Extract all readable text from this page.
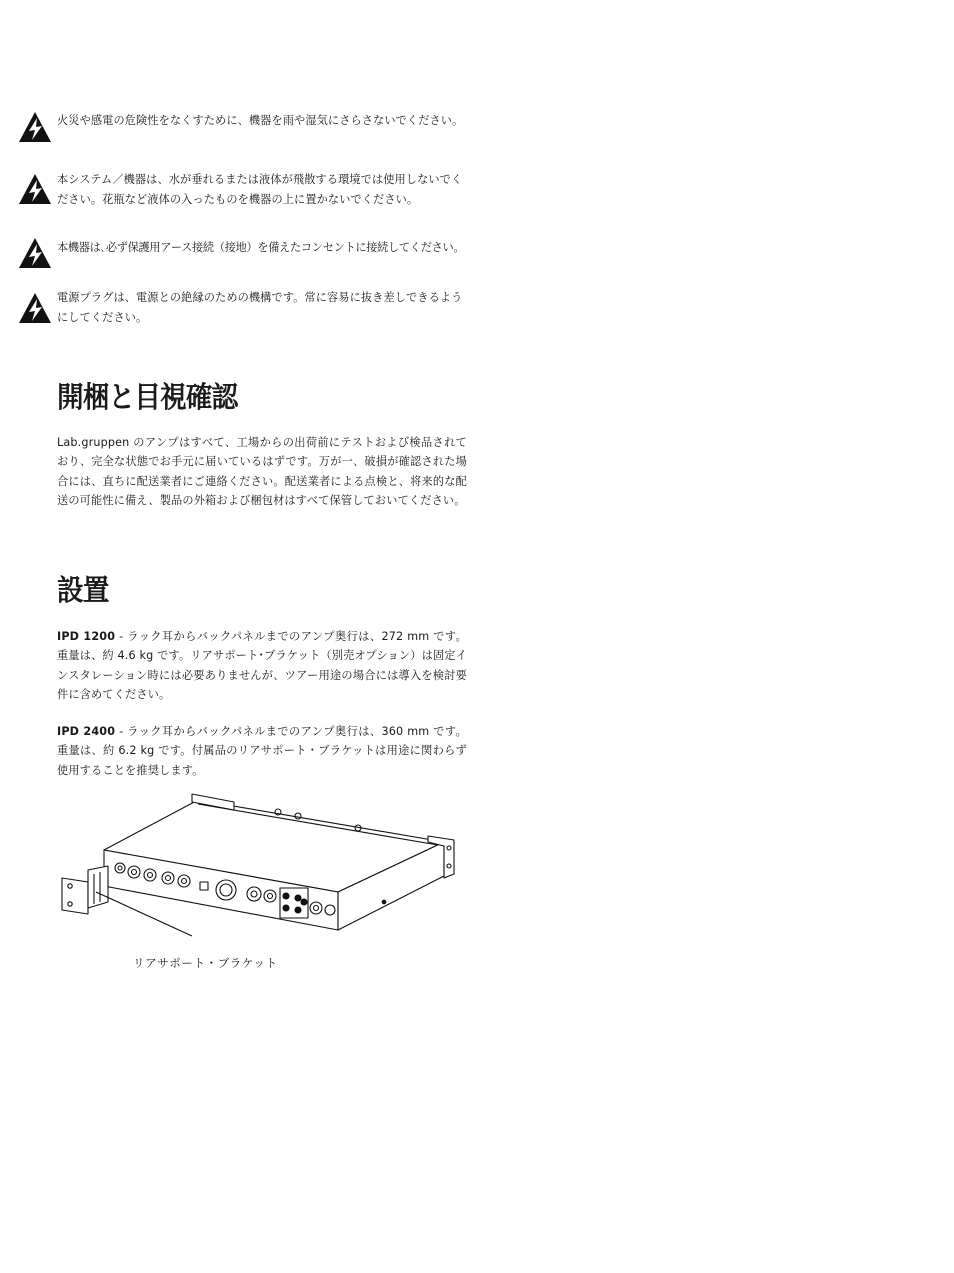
火災や感電の危険性をなくすために、機器を雨や湿気にさらさないでください。
本システム／機器は、水が垂れるまたは液体が飛散する環境では使用しないでください。花瓶など液体の入ったものを機器の上に置かないでください。
本機器は､必ず保護用アース接続（接地）を備えたコンセントに接続してください。
電源プラグは、電源との絶縁のための機構です。常に容易に抜き差しできるようにしてください。
開梱と目視確認

Lab.gruppen のアンプはすべて、工場からの出荷前にテストおよび検品されており、完全な状態でお手元に届いているはずです。万が一、破損が確認された場合には、直ちに配送業者にご連絡ください。配送業者による点検と、将来的な配送の可能性に備え、製品の外箱および梱包材はすべて保管しておいてください。

設置

IPD 1200 - ラック耳からバックパネルまでのアンプ奥行は、272 mm です。重量は、約 4.6 kg です。リアサポート･ブラケット（別売オプション）は固定インスタレーション時には必要ありませんが、ツアー用途の場合には導入を検討要件に含めてください。

IPD 2400 - ラック耳からバックパネルまでのアンプ奥行は、360 mm です。重量は、約 6.2 kg です。付属品のリアサポート・ブラケットは用途に関わらず使用することを推奨します。

リアサポート・ブラケット
